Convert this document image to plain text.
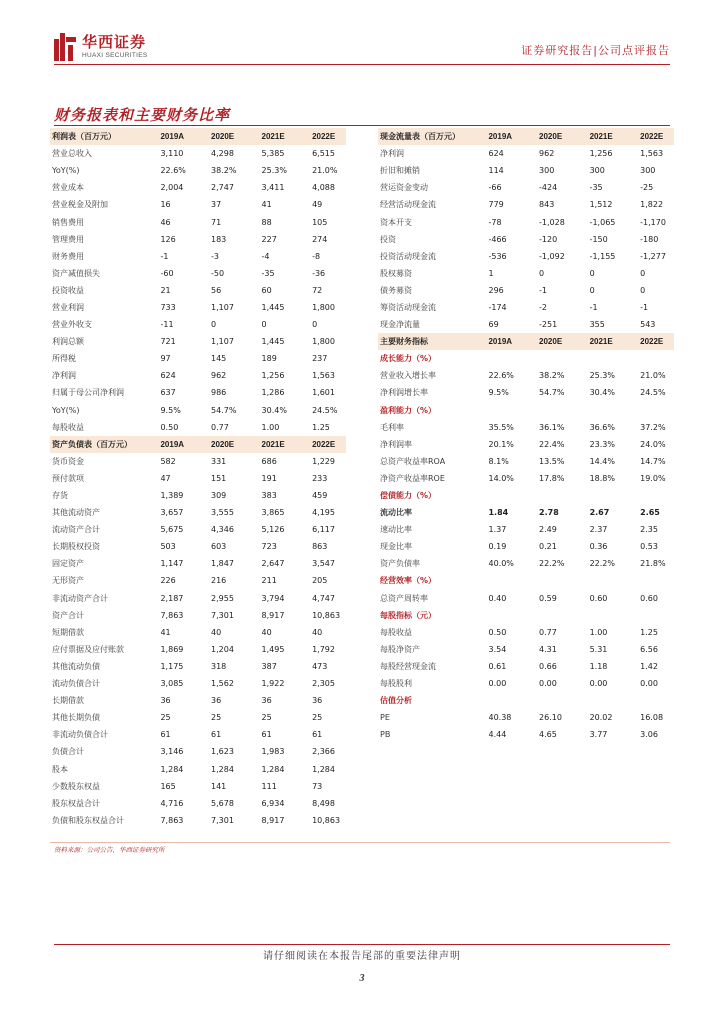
华西证券
HUAXI SECURITIES	证券研究报告|公司点评报告
财务报表和主要财务比率
利润表（百万元）	2019A	2020E	2021E	2022E
营业总收入	3,110	4,298	5,385	6,515
YoY(%)	22.6%	38.2%	25.3%	21.0%
营业成本	2,004	2,747	3,411	4,088
营业税金及附加	16	37	41	49
销售费用	46	71	88	105
管理费用	126	183	227	274
财务费用	-1	-3	-4	-8
资产减值损失	-60	-50	-35	-36
投资收益	21	56	60	72
营业利润	733	1,107	1,445	1,800
营业外收支	-11	0	0	0
利润总额	721	1,107	1,445	1,800
所得税	97	145	189	237
净利润	624	962	1,256	1,563
归属于母公司净利润	637	986	1,286	1,601
YoY(%)	9.5%	54.7%	30.4%	24.5%
每股收益	0.50	0.77	1.00	1.25
资产负债表（百万元）	2019A	2020E	2021E	2022E
货币资金	582	331	686	1,229
预付款项	47	151	191	233
存货	1,389	309	383	459
其他流动资产	3,657	3,555	3,865	4,195
流动资产合计	5,675	4,346	5,126	6,117
长期股权投资	503	603	723	863
固定资产	1,147	1,847	2,647	3,547
无形资产	226	216	211	205
非流动资产合计	2,187	2,955	3,794	4,747
资产合计	7,863	7,301	8,917	10,863
短期借款	41	40	40	40
应付票据及应付账款	1,869	1,204	1,495	1,792
其他流动负债	1,175	318	387	473
流动负债合计	3,085	1,562	1,922	2,305
长期借款	36	36	36	36
其他长期负债	25	25	25	25
非流动负债合计	61	61	61	61
负债合计	3,146	1,623	1,983	2,366
股本	1,284	1,284	1,284	1,284
少数股东权益	165	141	111	73
股东权益合计	4,716	5,678	6,934	8,498
负债和股东权益合计	7,863	7,301	8,917	10,863
现金流量表（百万元）	2019A	2020E	2021E	2022E
净利润	624	962	1,256	1,563
折旧和摊销	114	300	300	300
营运资金变动	-66	-424	-35	-25
经营活动现金流	779	843	1,512	1,822
资本开支	-78	-1,028	-1,065	-1,170
投资	-466	-120	-150	-180
投资活动现金流	-536	-1,092	-1,155	-1,277
股权募资	1	0	0	0
债务募资	296	-1	0	0
筹资活动现金流	-174	-2	-1	-1
现金净流量	69	-251	355	543
主要财务指标	2019A	2020E	2021E	2022E
成长能力（%）				
营业收入增长率	22.6%	38.2%	25.3%	21.0%
净利润增长率	9.5%	54.7%	30.4%	24.5%
盈利能力（%）				
毛利率	35.5%	36.1%	36.6%	37.2%
净利润率	20.1%	22.4%	23.3%	24.0%
总资产收益率ROA	8.1%	13.5%	14.4%	14.7%
净资产收益率ROE	14.0%	17.8%	18.8%	19.0%
偿债能力（%）				
流动比率	1.84	2.78	2.67	2.65
速动比率	1.37	2.49	2.37	2.35
现金比率	0.19	0.21	0.36	0.53
资产负债率	40.0%	22.2%	22.2%	21.8%
经营效率（%）				
总资产周转率	0.40	0.59	0.60	0.60
每股指标（元）				
每股收益	0.50	0.77	1.00	1.25
每股净资产	3.54	4.31	5.31	6.56
每股经营现金流	0.61	0.66	1.18	1.42
每股股利	0.00	0.00	0.00	0.00
估值分析				
PE	40.38	26.10	20.02	16.08
PB	4.44	4.65	3.77	3.06
资料来源：公司公告，华西证券研究所
请仔细阅读在本报告尾部的重要法律声明
3
